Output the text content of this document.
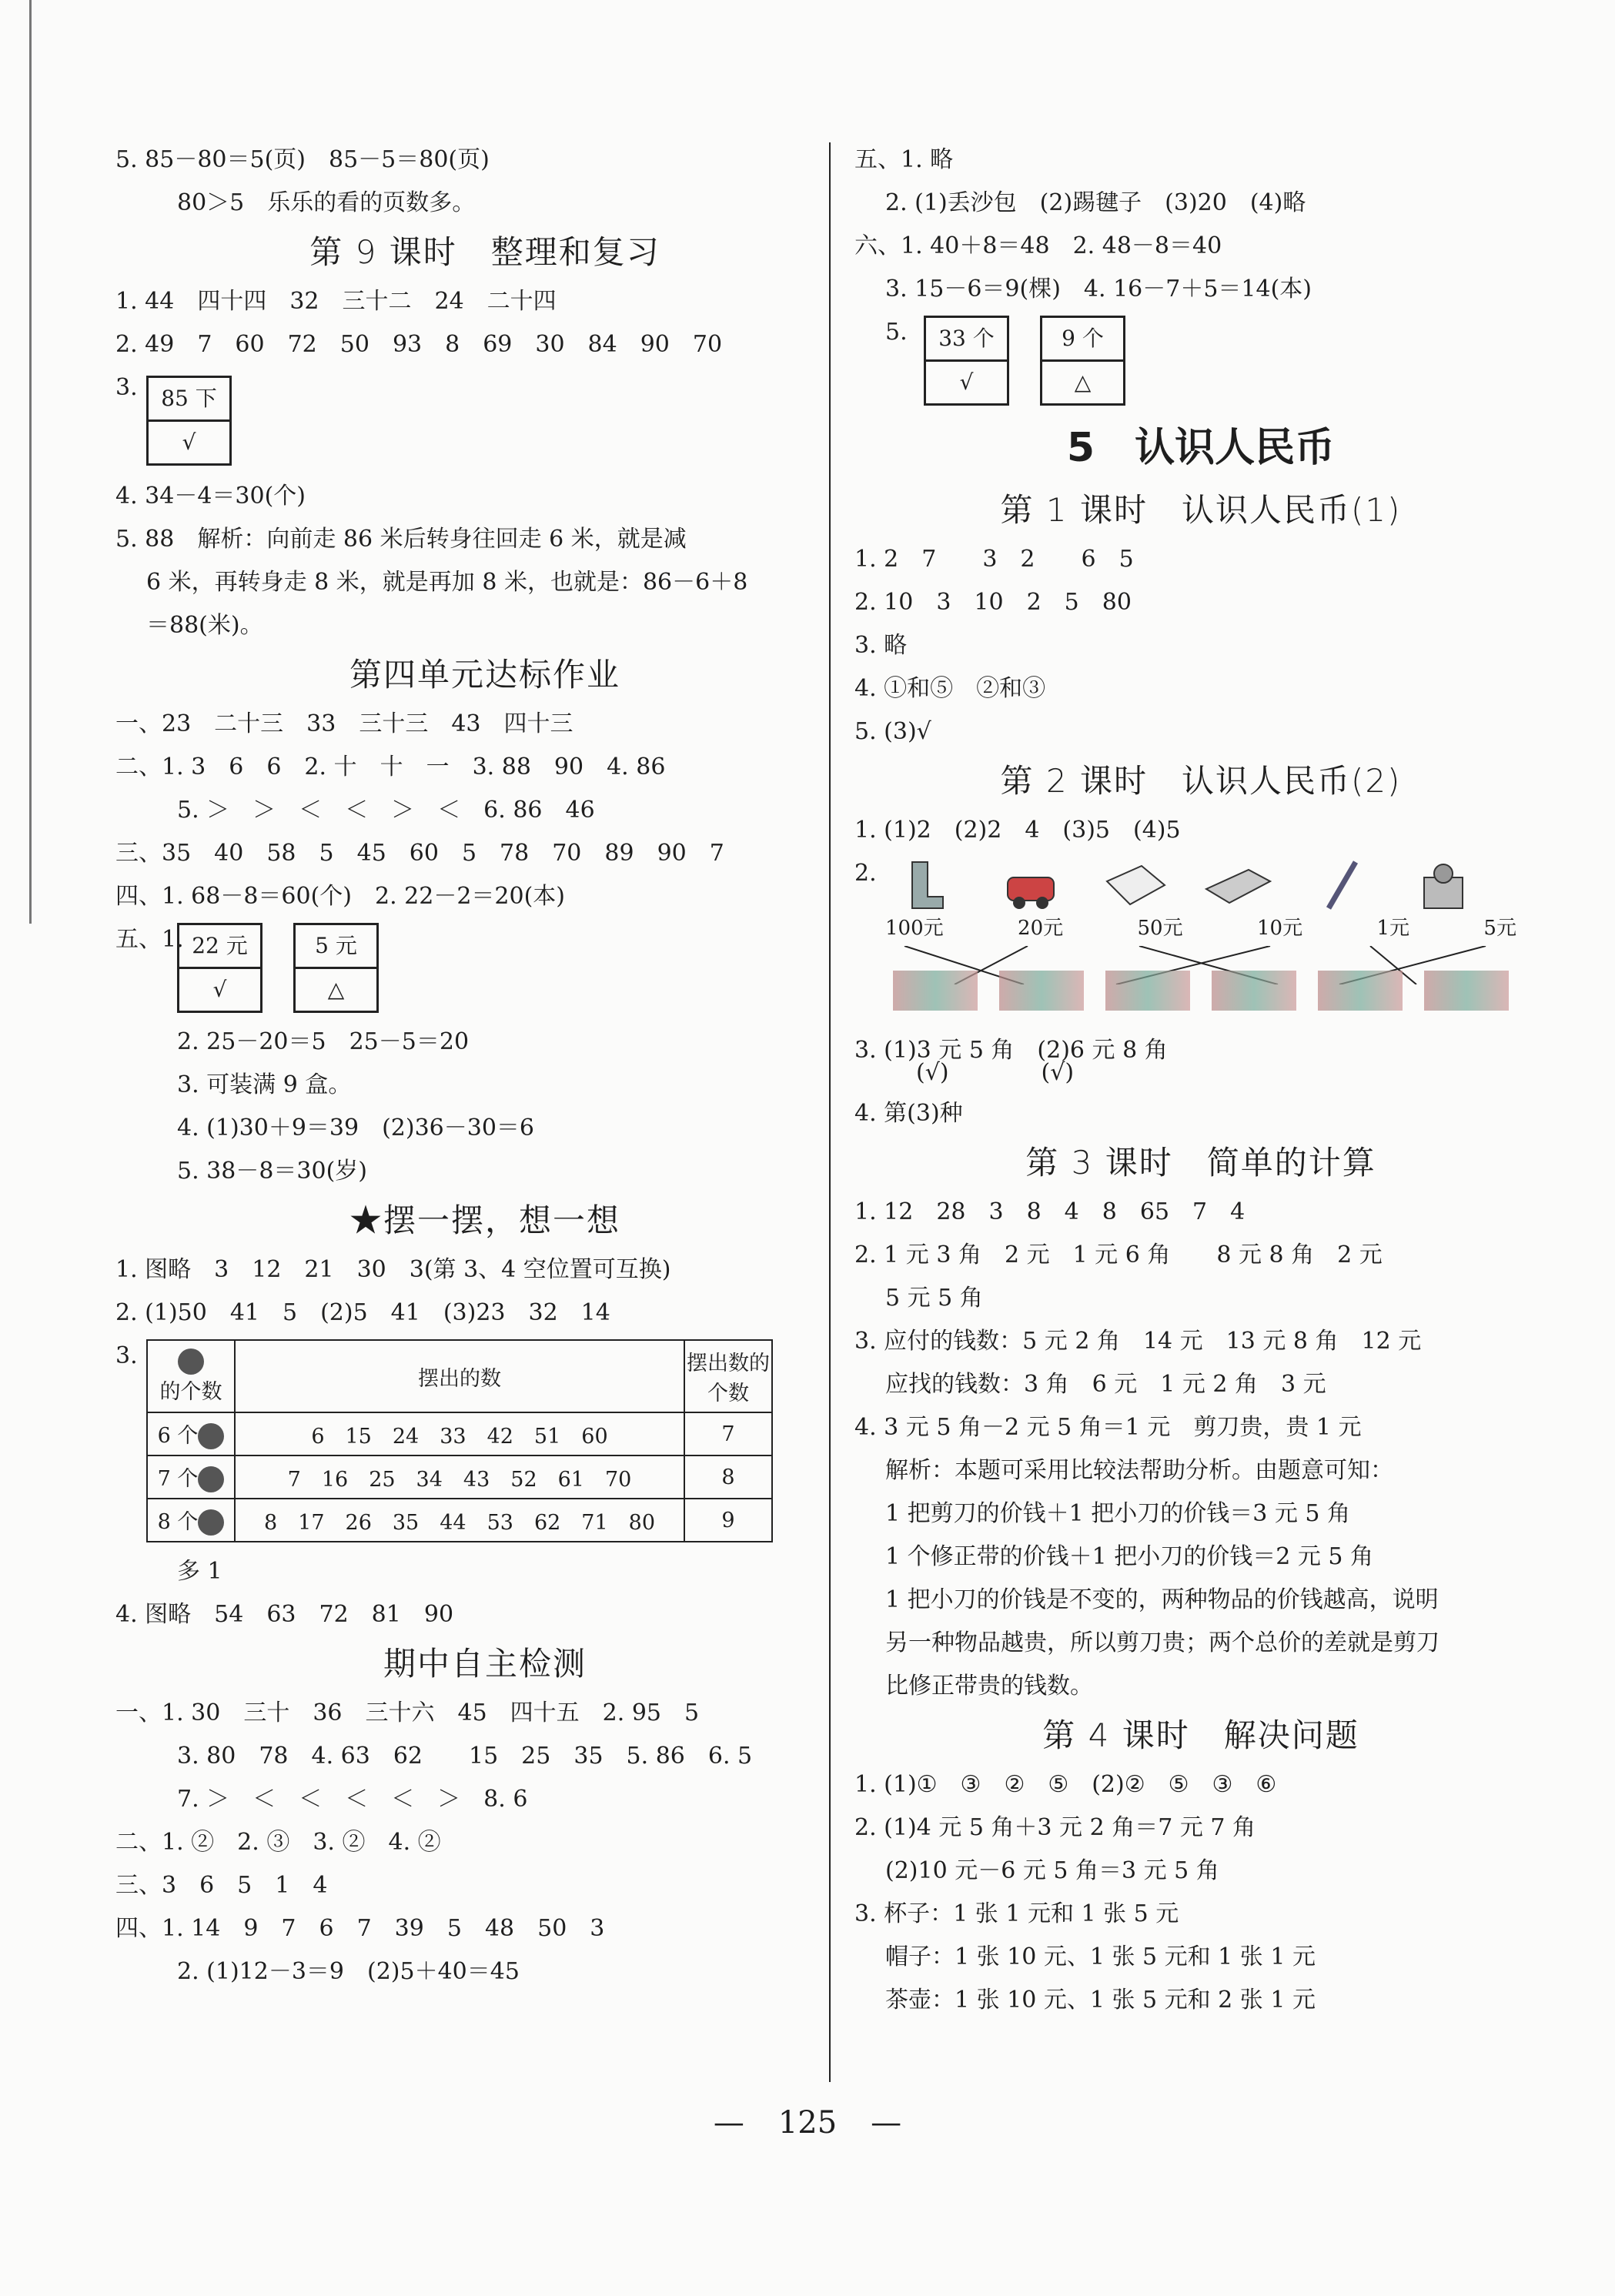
5. 85－80＝5(页)　85－5＝80(页)
80＞5　乐乐的看的页数多。
第 9 课时　整理和复习
1. 44　四十四　32　三十二　24　二十四
2. 49　7　60　72　50　93　8　69　30　84　90　70
3.	85 下
√
4. 34－4＝30(个)
5. 88　解析：向前走 86 米后转身往回走 6 米，就是减
6 米，再转身走 8 米，就是再加 8 米，也就是：86－6＋8
＝88(米)。
第四单元达标作业
一、23　二十三　33　三十三　43　四十三
二、1. 3　6　6　2. 十　十　一　3. 88　90　4. 86
5. ＞　＞　＜　＜　＞　＜　6. 86　46
三、35　40　58　5　45　60　5　78　70　89　90　7
四、1. 68－8＝60(个)　2. 22－2＝20(本)
五、1. 22 元
√
5 元
△
2. 25－20＝5　25－5＝20
3. 可装满 9 盒。
4. (1)30＋9＝39　(2)36－30＝6
5. 38－8＝30(岁)
★摆一摆，想一想
1. 图略　3　12　21　30　3(第 3、4 空位置可互换)
2. (1)50　41　5　(2)5　41　(3)23　32　14
3.

的个数	摆出的数	摆出数的个数
6 个	6　15　24　33　42　51　60	7
7 个	7　16　25　34　43　52　61　70	8
8 个	8　17　26　35　44　53　62　71　80	9
多 1
4. 图略　54　63　72　81　90
期中自主检测
一、1. 30　三十　36　三十六　45　四十五　2. 95　5
3. 80　78　4. 63　62　　15　25　35　5. 86　6. 5
7. ＞　＜　＜　＜　＜　＞　8. 6
二、1. ②　2. ③　3. ②　4. ②
三、3　6　5　1　4
四、1. 14　9　7　6　7　39　5　48　50　3
2. (1)12－3＝9　(2)5＋40＝45
五、1. 略
2. (1)丢沙包　(2)踢毽子　(3)20　(4)略
六、1. 40＋8＝48　2. 48－8＝40
3. 15－6＝9(棵)　4. 16－7＋5＝14(本)
5.	33 个
√
9 个
△
5　认识人民币
第 1 课时　认识人民币(1)
1. 2　7　　3　2　　6　5
2. 10　3　10　2　5　80
3. 略
4. ①和⑤　②和③
5. (3)√
第 2 课时　认识人民币(2)
1. (1)2　(2)2　4　(3)5　(4)5
2.
100元	20元	50元	10元	1元	5元
3. (1)3 元 5 角　(2)6 元 8 角
(√)　　　　(√)
4. 第(3)种
第 3 课时　简单的计算
1. 12　28　3　8　4　8　65　7　4
2. 1 元 3 角　2 元　1 元 6 角　　8 元 8 角　2 元
5 元 5 角
3. 应付的钱数：5 元 2 角　14 元　13 元 8 角　12 元
应找的钱数：3 角　6 元　1 元 2 角　3 元
4. 3 元 5 角－2 元 5 角＝1 元　剪刀贵，贵 1 元
解析：本题可采用比较法帮助分析。由题意可知：
1 把剪刀的价钱＋1 把小刀的价钱＝3 元 5 角
1 个修正带的价钱＋1 把小刀的价钱＝2 元 5 角
1 把小刀的价钱是不变的，两种物品的价钱越高，说明
另一种物品越贵，所以剪刀贵；两个总价的差就是剪刀
比修正带贵的钱数。
第 4 课时　解决问题
1. (1)①　③　②　⑤　(2)②　⑤　③　⑥
2. (1)4 元 5 角＋3 元 2 角＝7 元 7 角
(2)10 元－6 元 5 角＝3 元 5 角
3. 杯子：1 张 1 元和 1 张 5 元
帽子：1 张 10 元、1 张 5 元和 1 张 1 元
茶壶：1 张 10 元、1 张 5 元和 2 张 1 元
— 125 —
